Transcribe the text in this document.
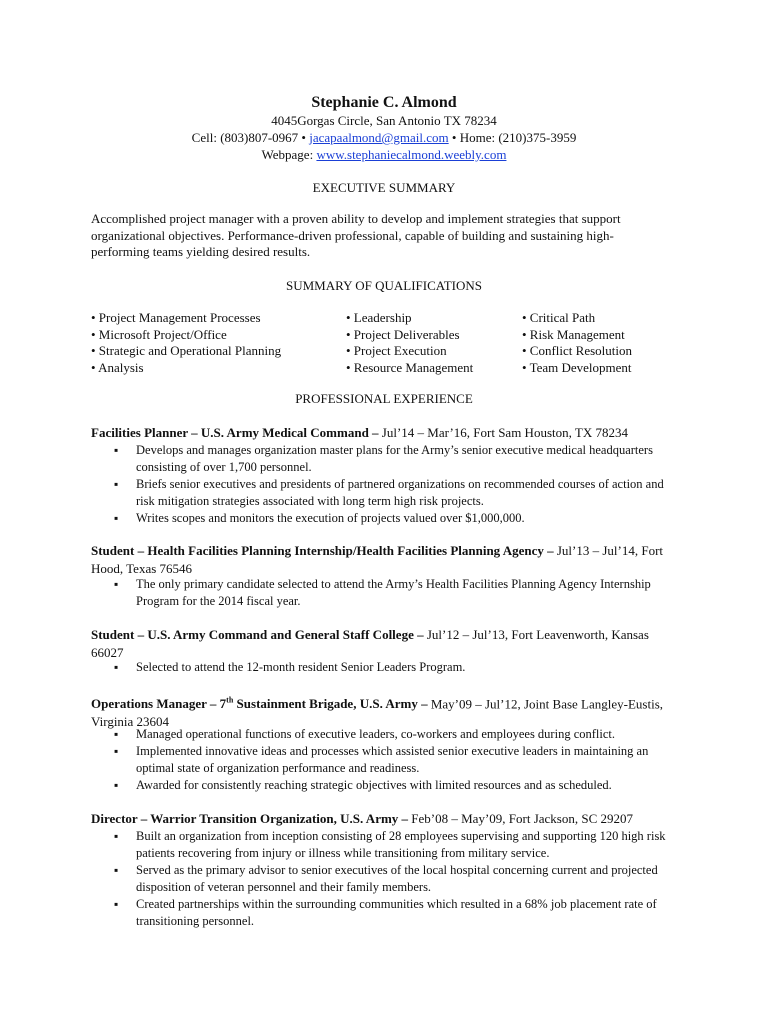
Stephanie C. Almond
4045Gorgas Circle, San Antonio TX 78234
Cell: (803)807-0967 • jacapaalmond@gmail.com • Home: (210)375-3959
Webpage: www.stephaniecalmond.weebly.com
EXECUTIVE SUMMARY
Accomplished project manager with a proven ability to develop and implement strategies that support organizational objectives. Performance-driven professional, capable of building and sustaining high-performing teams yielding desired results.
SUMMARY OF QUALIFICATIONS
• Project Management Processes
• Microsoft Project/Office
• Strategic and Operational Planning
• Analysis
• Leadership
• Project Deliverables
• Project Execution
• Resource Management
• Critical Path
• Risk Management
• Conflict Resolution
• Team Development
PROFESSIONAL EXPERIENCE
Facilities Planner – U.S. Army Medical Command – Jul’14 – Mar’16, Fort Sam Houston, TX 78234
▪ Develops and manages organization master plans for the Army’s senior executive medical headquarters consisting of over 1,700 personnel.
▪ Briefs senior executives and presidents of partnered organizations on recommended courses of action and risk mitigation strategies associated with long term high risk projects.
▪ Writes scopes and monitors the execution of projects valued over $1,000,000.
Student – Health Facilities Planning Internship/Health Facilities Planning Agency – Jul’13 – Jul’14, Fort Hood, Texas 76546
▪ The only primary candidate selected to attend the Army’s Health Facilities Planning Agency Internship Program for the 2014 fiscal year.
Student – U.S. Army Command and General Staff College – Jul’12 – Jul’13, Fort Leavenworth, Kansas 66027
▪ Selected to attend the 12-month resident Senior Leaders Program.
Operations Manager – 7th Sustainment Brigade, U.S. Army – May’09 – Jul’12, Joint Base Langley-Eustis, Virginia 23604
▪ Managed operational functions of executive leaders, co-workers and employees during conflict.
▪ Implemented innovative ideas and processes which assisted senior executive leaders in maintaining an optimal state of organization performance and readiness.
▪ Awarded for consistently reaching strategic objectives with limited resources and as scheduled.
Director – Warrior Transition Organization, U.S. Army – Feb’08 – May’09, Fort Jackson, SC 29207
▪ Built an organization from inception consisting of 28 employees supervising and supporting 120 high risk patients recovering from injury or illness while transitioning from military service.
▪ Served as the primary advisor to senior executives of the local hospital concerning current and projected disposition of veteran personnel and their family members.
▪ Created partnerships within the surrounding communities which resulted in a 68% job placement rate of transitioning personnel.
